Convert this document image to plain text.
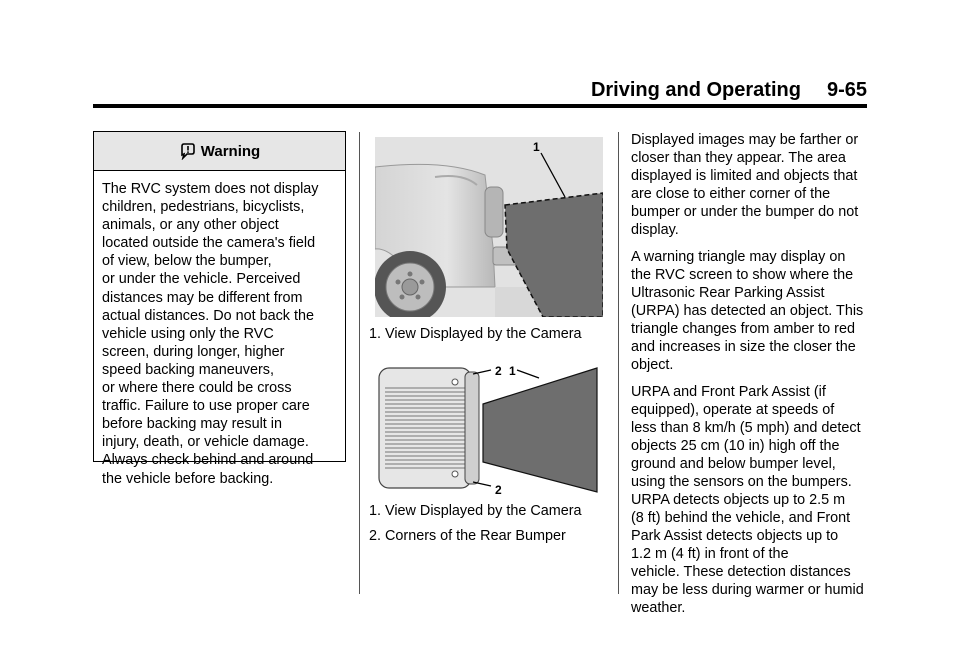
Driving and Operating 9-65
Warning
The RVC system does not display
children, pedestrians, bicyclists,
animals, or any other object
located outside the camera's field
of view, below the bumper,
or under the vehicle. Perceived
distances may be different from
actual distances. Do not back the
vehicle using only the RVC
screen, during longer, higher
speed backing maneuvers,
or where there could be cross
traffic. Failure to use proper care
before backing may result in
injury, death, or vehicle damage.
Always check behind and around
the vehicle before backing.
1
1. View Displayed by the Camera
2 1
2
1. View Displayed by the Camera
2. Corners of the Rear Bumper

Displayed images may be farther or
closer than they appear. The area
displayed is limited and objects that
are close to either corner of the
bumper or under the bumper do not
display.

A warning triangle may display on
the RVC screen to show where the
Ultrasonic Rear Parking Assist
(URPA) has detected an object. This
triangle changes from amber to red
and increases in size the closer the
object.

URPA and Front Park Assist (if
equipped), operate at speeds of
less than 8 km/h (5 mph) and detect
objects 25 cm (10 in) high off the
ground and below bumper level,
using the sensors on the bumpers.
URPA detects objects up to 2.5 m
(8 ft) behind the vehicle, and Front
Park Assist detects objects up to
1.2 m (4 ft) in front of the
vehicle. These detection distances
may be less during warmer or humid
weather.
